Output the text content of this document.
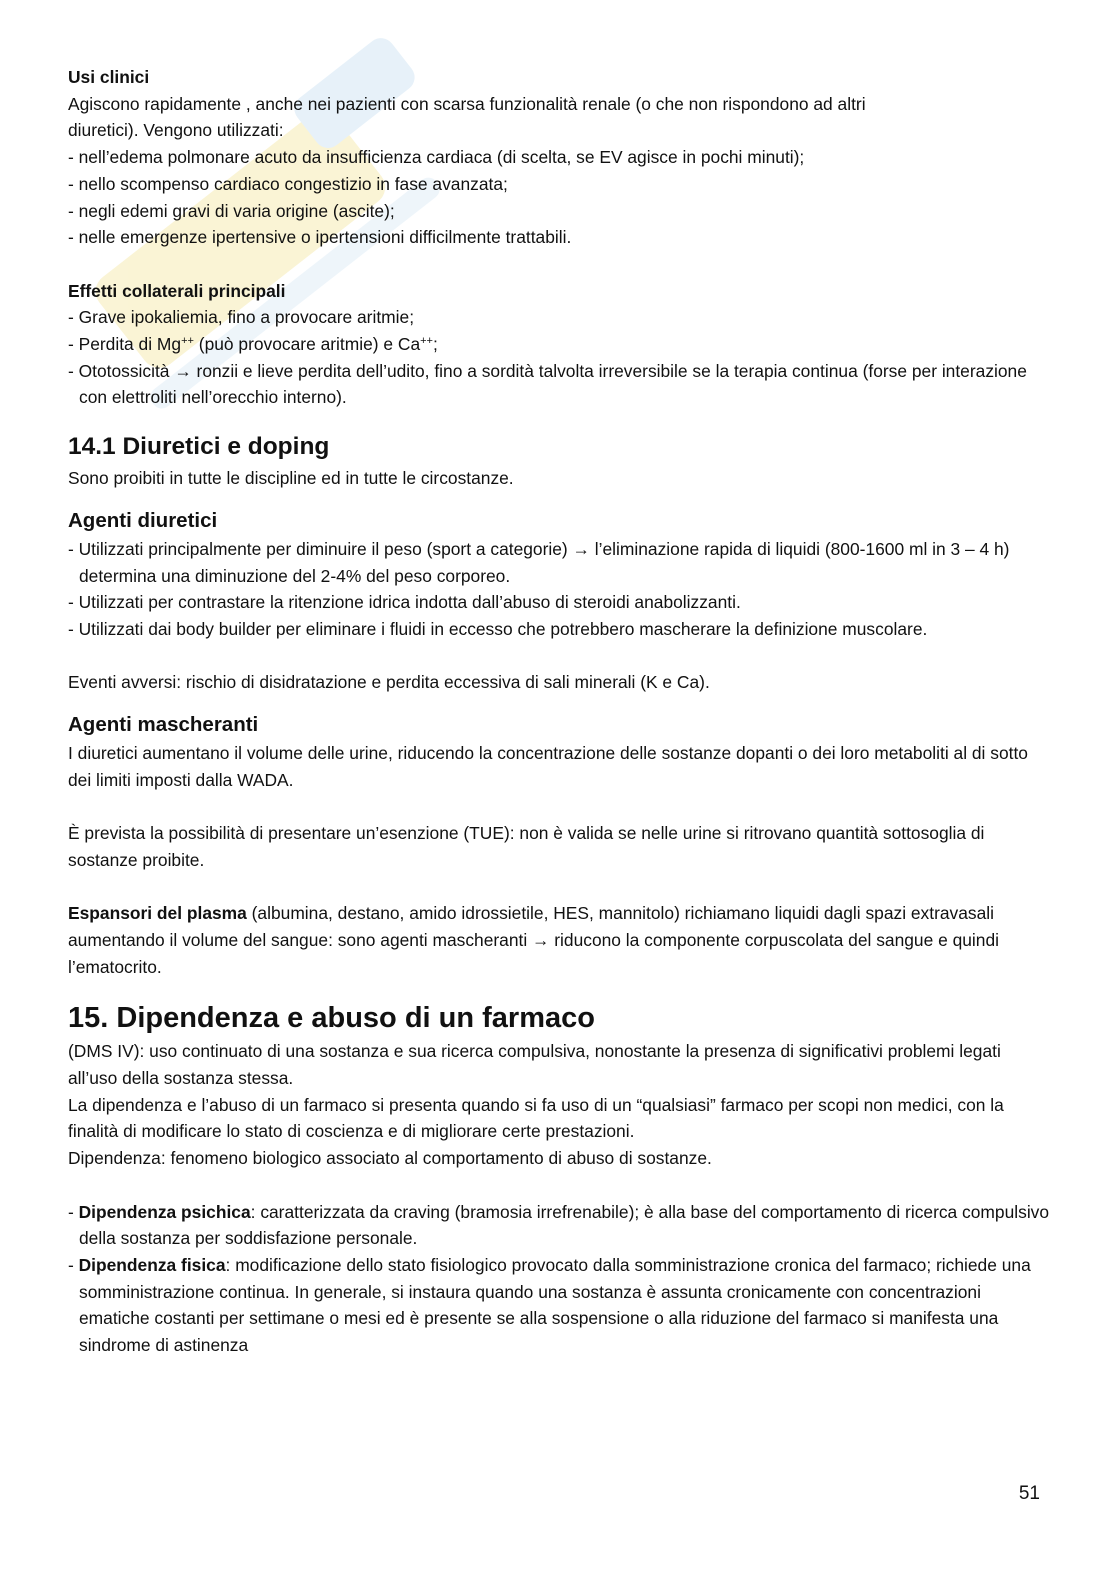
Usi clinici

Agiscono rapidamente , anche nei pazienti con scarsa funzionalità renale (o che non rispondono ad altri

diuretici). Vengono utilizzati:

- nell’edema polmonare acuto da insufficienza cardiaca (di scelta, se EV agisce in pochi minuti);

- nello scompenso cardiaco congestizio in fase avanzata;

- negli edemi gravi di varia origine (ascite);

- nelle emergenze ipertensive o ipertensioni difficilmente trattabili.

Effetti collaterali principali

- Grave ipokaliemia, fino a provocare aritmie;

- Perdita di Mg++ (può provocare aritmie) e Ca++;

- Ototossicità → ronzii e lieve perdita dell’udito, fino a sordità talvolta irreversibile se la terapia continua (forse per interazione con elettroliti nell’orecchio interno).

14.1 Diuretici e doping

Sono proibiti in tutte le discipline ed in tutte le circostanze.

Agenti diuretici

- Utilizzati principalmente per diminuire il peso (sport a categorie) → l’eliminazione rapida di liquidi (800-1600 ml in 3 – 4 h) determina una diminuzione del 2-4% del peso corporeo.

- Utilizzati per contrastare la ritenzione idrica indotta dall’abuso di steroidi anabolizzanti.

- Utilizzati dai body builder per eliminare i fluidi in eccesso che potrebbero mascherare la definizione muscolare.

Eventi avversi: rischio di disidratazione e perdita eccessiva di sali minerali (K e Ca).

Agenti mascheranti

I diuretici aumentano il volume delle urine, riducendo la concentrazione delle sostanze dopanti o dei loro metaboliti al di sotto dei limiti imposti dalla WADA.

È prevista la possibilità di presentare un’esenzione (TUE): non è valida se nelle urine si ritrovano quantità sottosoglia di sostanze proibite.

Espansori del plasma (albumina, destano, amido idrossietile, HES, mannitolo) richiamano liquidi dagli spazi extravasali aumentando il volume del sangue: sono agenti mascheranti → riducono la componente corpuscolata del sangue e quindi l’ematocrito.

15. Dipendenza e abuso di un farmaco

(DMS IV): uso continuato di una sostanza e sua ricerca compulsiva, nonostante la presenza di significativi problemi legati all’uso della sostanza stessa.

La dipendenza e l’abuso di un farmaco si presenta quando si fa uso di un “qualsiasi” farmaco per scopi non medici, con la finalità di modificare lo stato di coscienza e di migliorare certe prestazioni.

Dipendenza: fenomeno biologico associato al comportamento di abuso di sostanze.

- Dipendenza psichica: caratterizzata da craving (bramosia irrefrenabile); è alla base del comportamento di ricerca compulsivo della sostanza per soddisfazione personale.

- Dipendenza fisica: modificazione dello stato fisiologico provocato dalla somministrazione cronica del farmaco; richiede una somministrazione continua. In generale, si instaura quando una sostanza è assunta cronicamente con concentrazioni ematiche costanti per settimane o mesi ed è presente se alla sospensione o alla riduzione del farmaco si manifesta una sindrome di astinenza

51
